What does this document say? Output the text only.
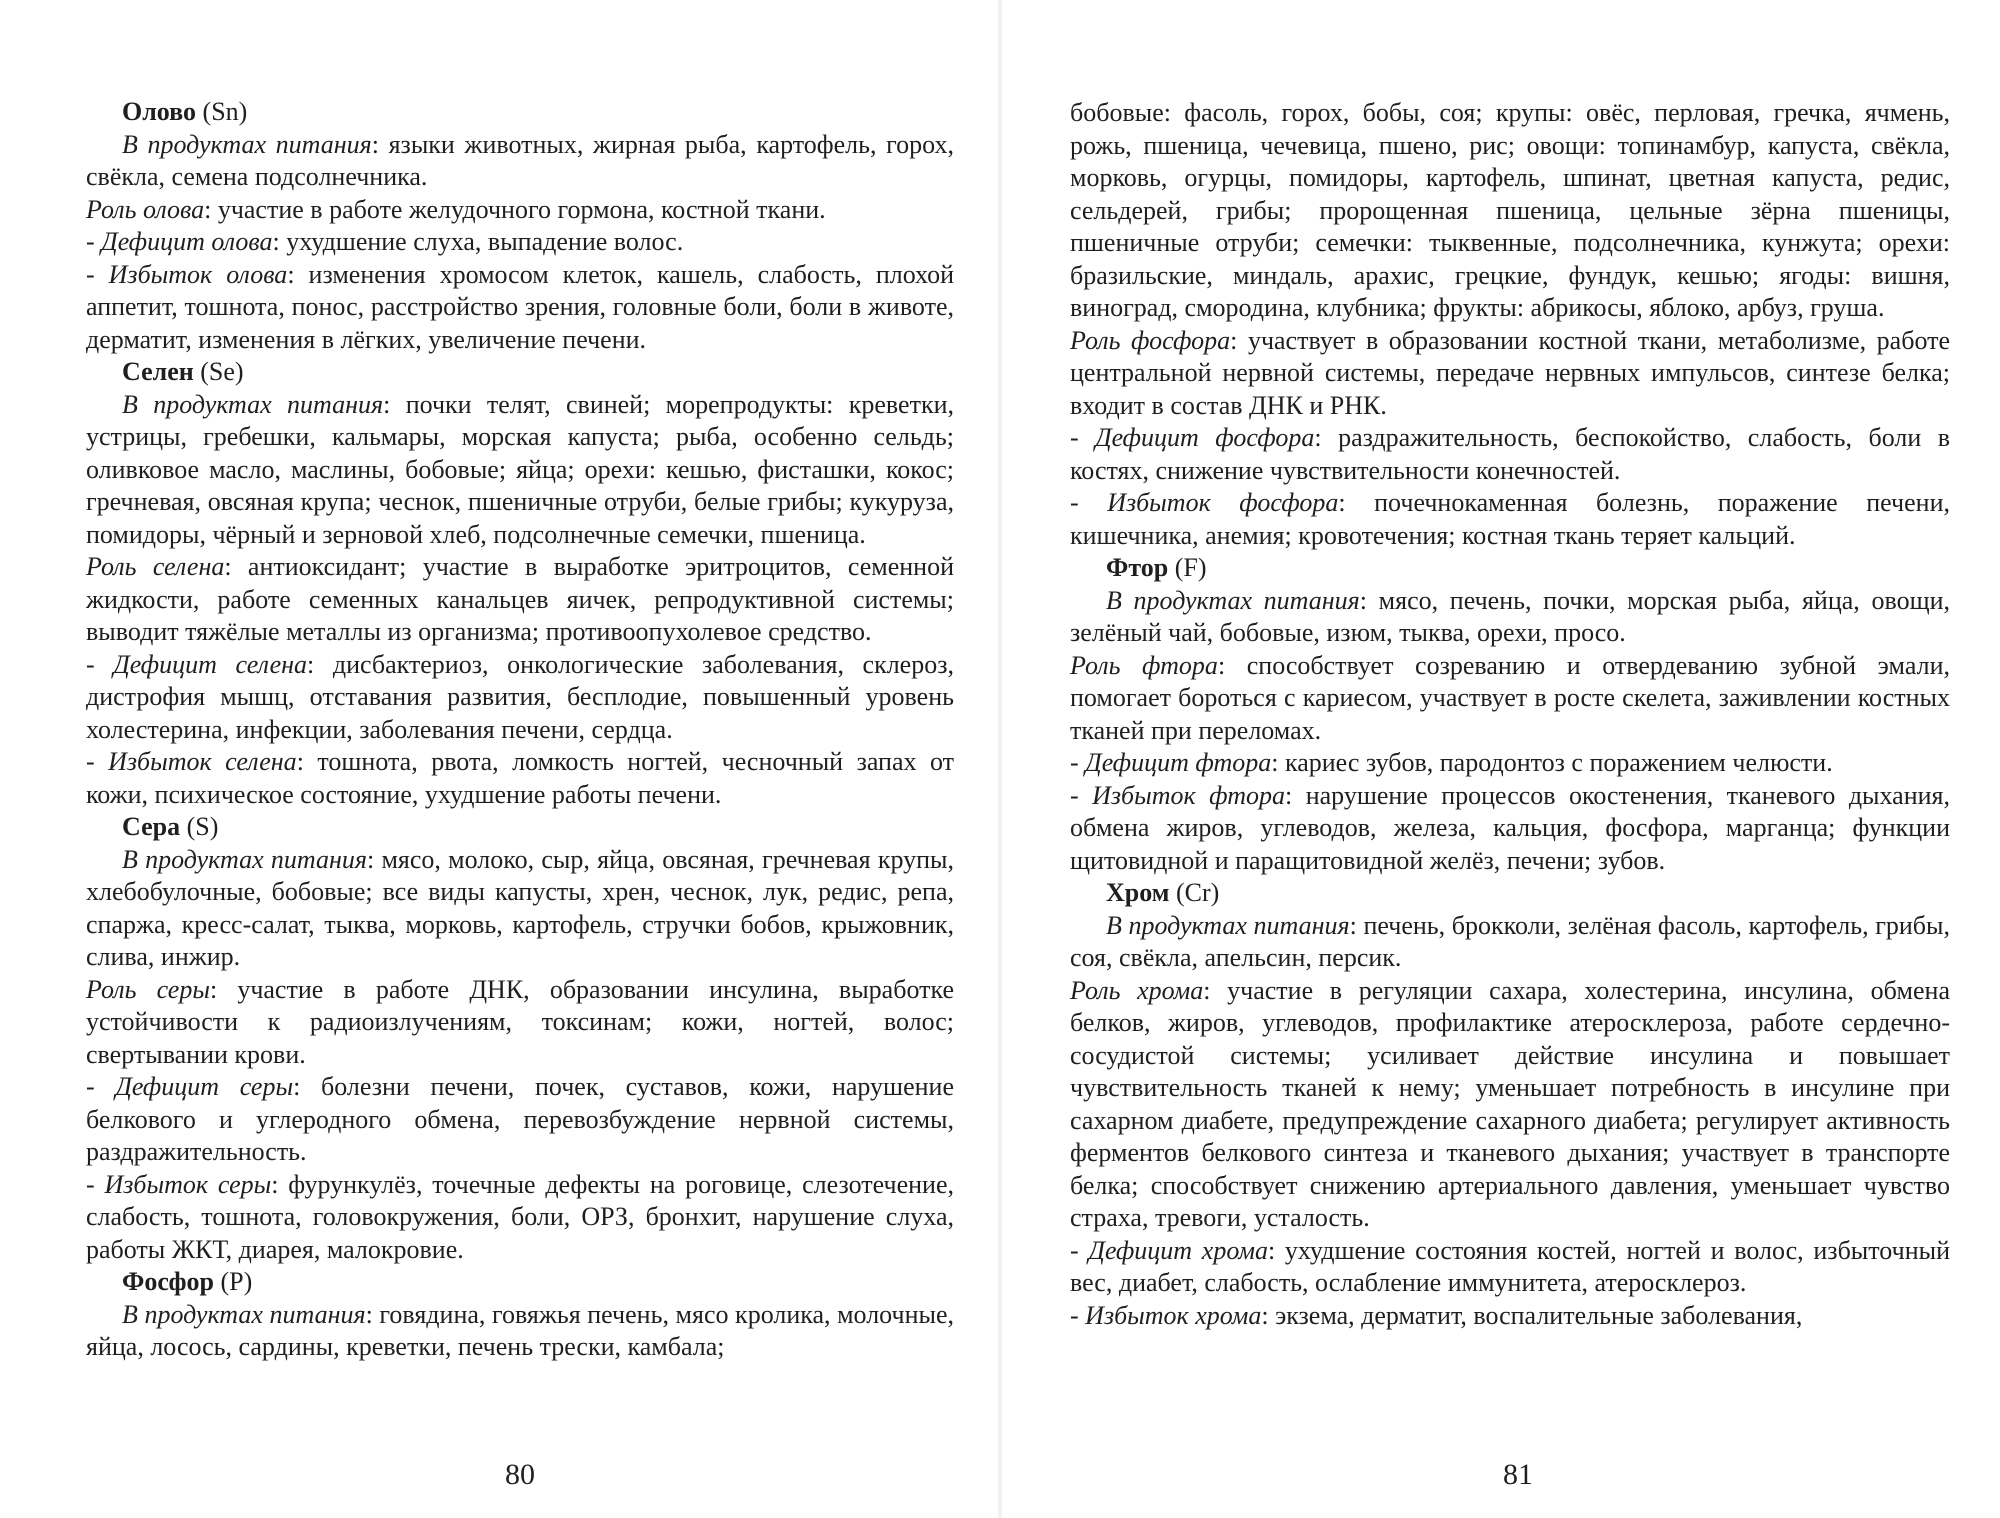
Олово (Sn)

В продуктах питания: языки животных, жирная рыба, картофель, горох, свёкла, семена подсолнечника.

Роль олова: участие в работе желудочного гормона, костной ткани.

- Дефицит олова: ухудшение слуха, выпадение волос.

- Избыток олова: изменения хромосом клеток, кашель, слабость, плохой аппетит, тошнота, понос, расстройство зрения, головные боли, боли в животе, дерматит, изменения в лёгких, увеличение печени.

Селен (Se)

В продуктах питания: почки телят, свиней; морепродукты: креветки, устрицы, гребешки, кальмары, морская капуста; рыба, особенно сельдь; оливковое масло, маслины, бобовые; яйца; орехи: кешью, фисташки, кокос; гречневая, овсяная крупа; чеснок, пшеничные отруби, белые грибы; кукуруза, помидоры, чёрный и зерновой хлеб, подсолнечные семечки, пшеница.

Роль селена: антиоксидант; участие в выработке эритроцитов, семенной жидкости, работе семенных канальцев яичек, репродуктивной системы; выводит тяжёлые металлы из организма; противоопухолевое средство.

- Дефицит селена: дисбактериоз, онкологические заболевания, склероз, дистрофия мышц, отставания развития, бесплодие, повышенный уровень холестерина, инфекции, заболевания печени, сердца.

- Избыток селена: тошнота, рвота, ломкость ногтей, чесночный запах от кожи, психическое состояние, ухудшение работы печени.

Сера (S)

В продуктах питания: мясо, молоко, сыр, яйца, овсяная, гречневая крупы, хлебобулочные, бобовые; все виды капусты, хрен, чеснок, лук, редис, репа, спаржа, кресс-салат, тыква, морковь, картофель, стручки бобов, крыжовник, слива, инжир.

Роль серы: участие в работе ДНК, образовании инсулина, выработке устойчивости к радиоизлучениям, токсинам; кожи, ногтей, волос; свертывании крови.

- Дефицит серы: болезни печени, почек, суставов, кожи, нарушение белкового и углеродного обмена, перевозбуждение нервной системы, раздражительность.

- Избыток серы: фурункулёз, точечные дефекты на роговице, слезотечение, слабость, тошнота, головокружения, боли, ОРЗ, бронхит, нарушение слуха, работы ЖКТ, диарея, малокровие.

Фосфор (P)

В продуктах питания: говядина, говяжья печень, мясо кролика, молочные, яйца, лосось, сардины, креветки, печень трески, камбала;

80

бобовые: фасоль, горох, бобы, соя; крупы: овёс, перловая, гречка, ячмень, рожь, пшеница, чечевица, пшено, рис; овощи: топинамбур, капуста, свёкла, морковь, огурцы, помидоры, картофель, шпинат, цветная капуста, редис, сельдерей, грибы; пророщенная пшеница, цельные зёрна пшеницы, пшеничные отруби; семечки: тыквенные, подсолнечника, кунжута; орехи: бразильские, миндаль, арахис, грецкие, фундук, кешью; ягоды: вишня, виноград, смородина, клубника; фрукты: абрикосы, яблоко, арбуз, груша.

Роль фосфора: участвует в образовании костной ткани, метаболизме, работе центральной нервной системы, передаче нервных импульсов, синтезе белка; входит в состав ДНК и РНК.

- Дефицит фосфора: раздражительность, беспокойство, слабость, боли в костях, снижение чувствительности конечностей.

- Избыток фосфора: почечнокаменная болезнь, поражение печени, кишечника, анемия; кровотечения; костная ткань теряет кальций.

Фтор (F)

В продуктах питания: мясо, печень, почки, морская рыба, яйца, овощи, зелёный чай, бобовые, изюм, тыква, орехи, просо.

Роль фтора: способствует созреванию и отвердеванию зубной эмали, помогает бороться с кариесом, участвует в росте скелета, заживлении костных тканей при переломах.

- Дефицит фтора: кариес зубов, пародонтоз с поражением челюсти.

- Избыток фтора: нарушение процессов окостенения, тканевого дыхания, обмена жиров, углеводов, железа, кальция, фосфора, марганца; функции щитовидной и паращитовидной желёз, печени; зубов.

Хром (Cr)

В продуктах питания: печень, брокколи, зелёная фасоль, картофель, грибы, соя, свёкла, апельсин, персик.

Роль хрома: участие в регуляции сахара, холестерина, инсулина, обмена белков, жиров, углеводов, профилактике атеросклероза, работе сердечно-сосудистой системы; усиливает действие инсулина и повышает чувствительность тканей к нему; уменьшает потребность в инсулине при сахарном диабете, предупреждение сахарного диабета; регулирует активность ферментов белкового синтеза и тканевого дыхания; участвует в транспорте белка; способствует снижению артериального давления, уменьшает чувство страха, тревоги, усталость.

- Дефицит хрома: ухудшение состояния костей, ногтей и волос, избыточный вес, диабет, слабость, ослабление иммунитета, атеросклероз.

- Избыток хрома: экзема, дерматит, воспалительные заболевания,

81
